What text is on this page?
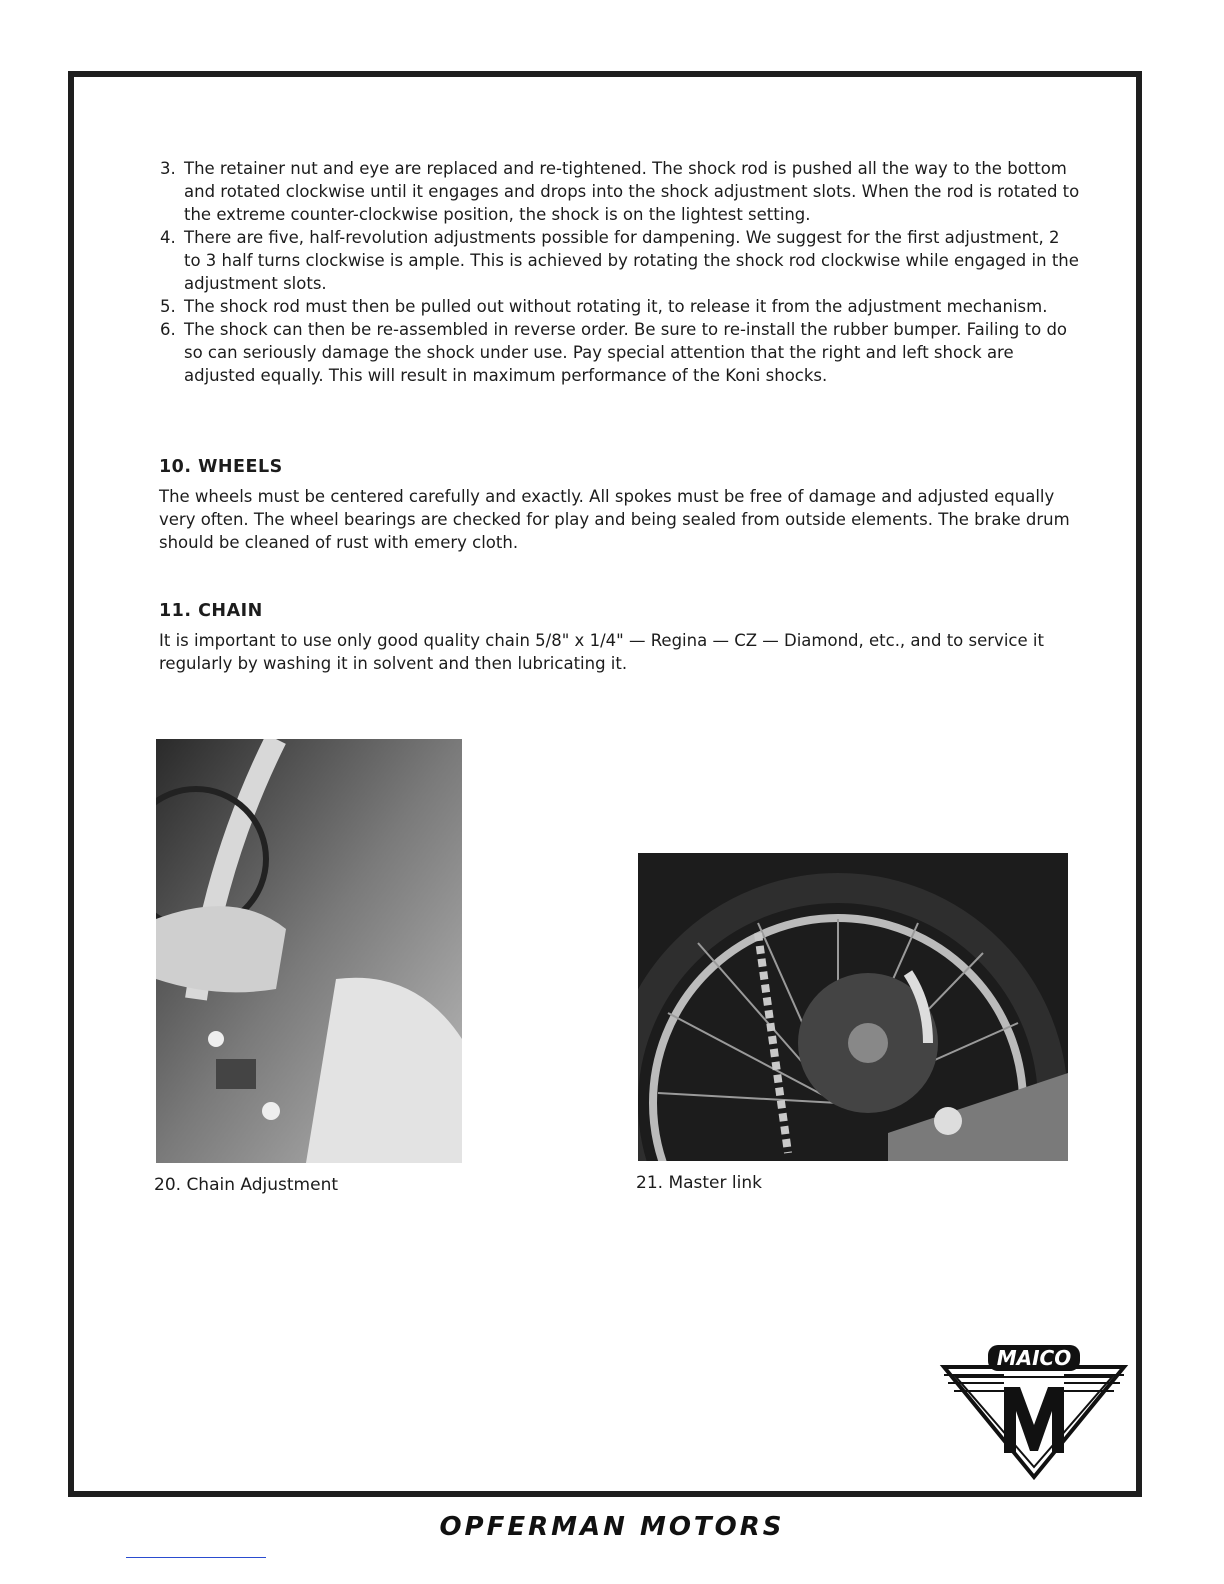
3. The retainer nut and eye are replaced and re-tightened. The shock rod is pushed all the way to the bottom and rotated clockwise until it engages and drops into the shock adjustment slots. When the rod is rotated to the extreme counter-clockwise position, the shock is on the lightest setting.
4. There are five, half-revolution adjustments possible for dampening. We suggest for the first adjustment, 2 to 3 half turns clockwise is ample. This is achieved by rotating the shock rod clockwise while engaged in the adjustment slots.
5. The shock rod must then be pulled out without rotating it, to release it from the adjustment mechanism.
6. The shock can then be re-assembled in reverse order. Be sure to re-install the rubber bumper. Failing to do so can seriously damage the shock under use. Pay special attention that the right and left shock are adjusted equally. This will result in maximum performance of the Koni shocks.
10. WHEELS
The wheels must be centered carefully and exactly. All spokes must be free of damage and adjusted equally very often. The wheel bearings are checked for play and being sealed from outside elements. The brake drum should be cleaned of rust with emery cloth.
11. CHAIN
It is important to use only good quality chain 5/8" x 1/4" — Regina — CZ — Diamond, etc., and to service it regularly by washing it in solvent and then lubricating it.
20. Chain Adjustment	21. Master link
MAICO
OPFERMAN MOTORS
